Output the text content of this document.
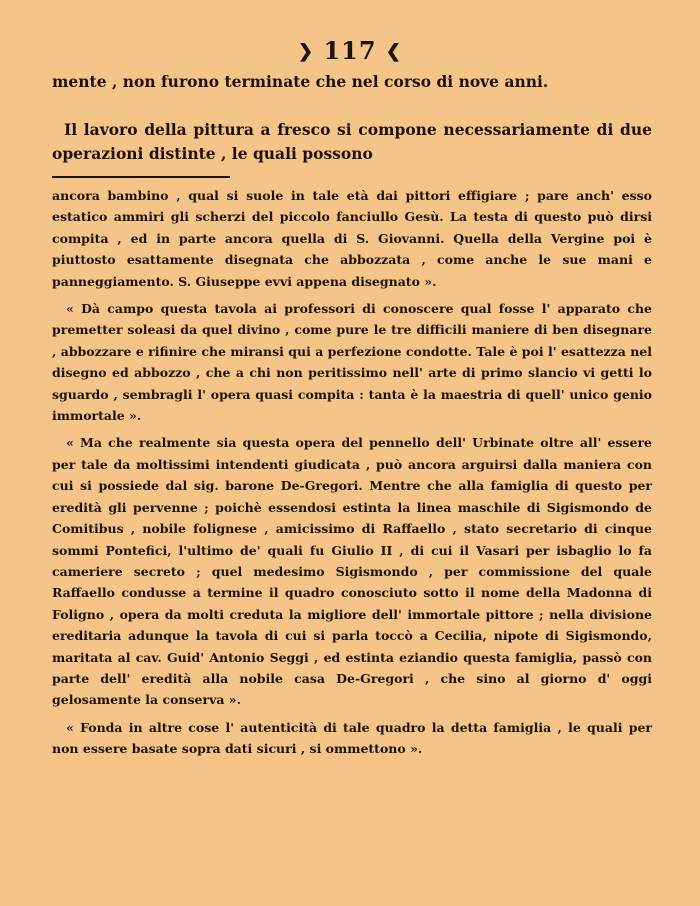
❯ 117 ❮

mente , non furono terminate che nel corso di nove anni.

Il lavoro della pittura a fresco si compone necessariamente di due operazioni distinte , le quali possono

ancora bambino , qual si suole in tale età dai pittori effigiare ; pare anch' esso estatico ammiri gli scherzi del piccolo fanciullo Gesù. La testa di questo può dirsi compita , ed in parte ancora quella di S. Giovanni. Quella della Vergine poi è piuttosto esattamente disegnata che abbozzata , come anche le sue mani e panneggiamento. S. Giuseppe evvi appena disegnato ».

« Dà campo questa tavola ai professori di conoscere qual fosse l' apparato che premetter soleasi da quel divino , come pure le tre difficili maniere di ben disegnare , abbozzare e rifinire che miransi qui a perfezione condotte. Tale è poi l' esattezza nel disegno ed abbozzo , che a chi non peritissimo nell' arte di primo slancio vi getti lo sguardo , sembragli l' opera quasi compita : tanta è la maestria di quell' unico genio immortale ».

« Ma che realmente sia questa opera del pennello dell' Urbinate oltre all' essere per tale da moltissimi intendenti giudicata , può ancora arguirsi dalla maniera con cui si possiede dal sig. barone De-Gregori. Mentre che alla famiglia di questo per eredità gli pervenne ; poichè essendosi estinta la linea maschile di Sigismondo de Comitibus , nobile folignese , amicissimo di Raffaello , stato secretario di cinque sommi Pontefici, l'ultimo de' quali fu Giulio II , di cui il Vasari per isbaglio lo fa cameriere secreto ; quel medesimo Sigismondo , per commissione del quale Raffaello condusse a termine il quadro conosciuto sotto il nome della Madonna di Foligno , opera da molti creduta la migliore dell' immortale pittore ; nella divisione ereditaria adunque la tavola di cui si parla toccò a Cecilia, nipote di Sigismondo, maritata al cav. Guid' Antonio Seggi , ed estinta eziandio questa famiglia, passò con parte dell' eredità alla nobile casa De-Gregori , che sino al giorno d' oggi gelosamente la conserva ».

« Fonda in altre cose l' autenticità di tale quadro la detta famiglia , le quali per non essere basate sopra dati sicuri , si ommettono ».
